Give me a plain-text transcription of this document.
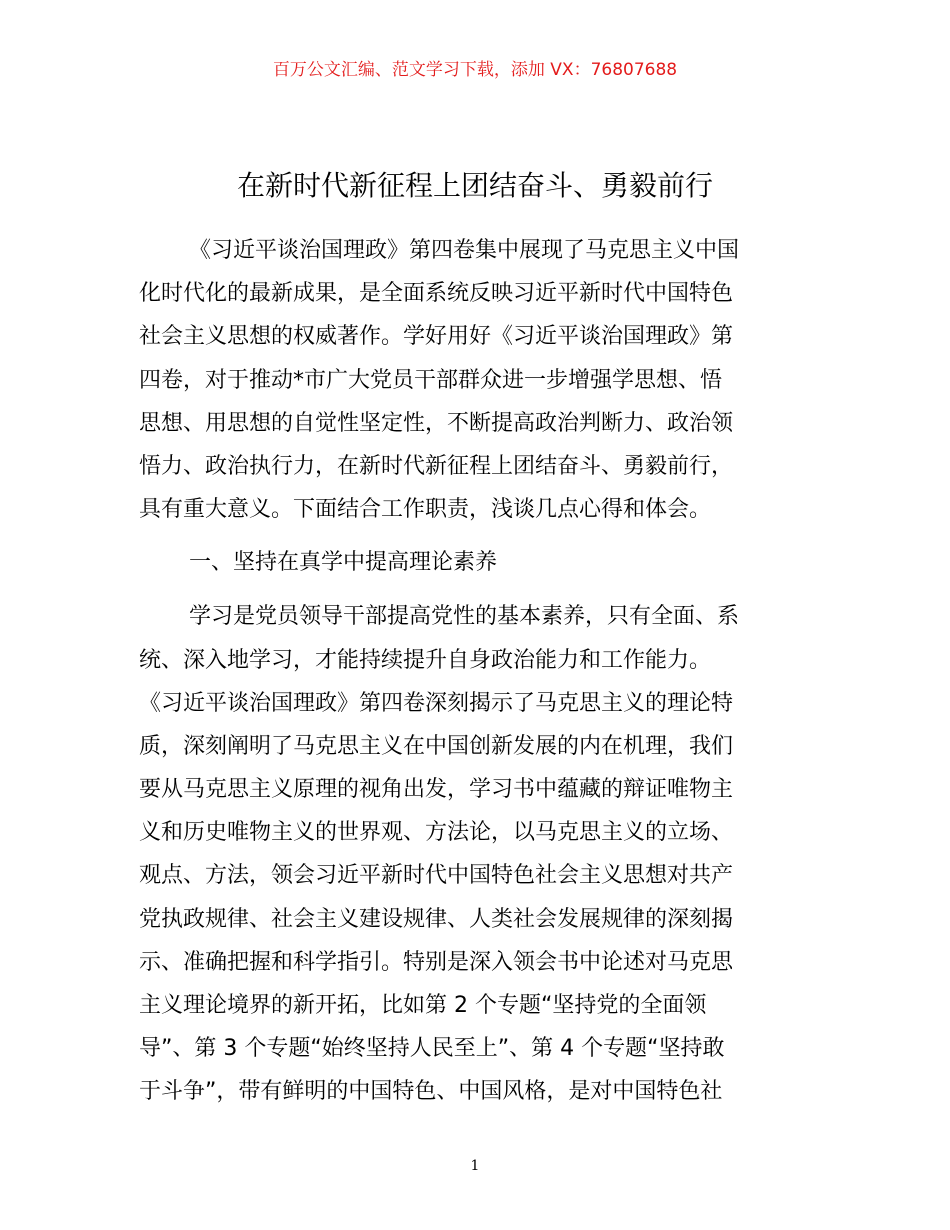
百万公文汇编、范文学习下载，添加 VX：76807688
在新时代新征程上团结奋斗、勇毅前行
《习近平谈治国理政》第四卷集中展现了马克思主义中国
化时代化的最新成果，是全面系统反映习近平新时代中国特色
社会主义思想的权威著作。学好用好《习近平谈治国理政》第
四卷，对于推动*市广大党员干部群众进一步增强学思想、悟
思想、用思想的自觉性坚定性，不断提高政治判断力、政治领
悟力、政治执行力，在新时代新征程上团结奋斗、勇毅前行，
具有重大意义。下面结合工作职责，浅谈几点心得和体会。
一、坚持在真学中提高理论素养
学习是党员领导干部提高党性的基本素养，只有全面、系
统、深入地学习，才能持续提升自身政治能力和工作能力。
《习近平谈治国理政》第四卷深刻揭示了马克思主义的理论特
质，深刻阐明了马克思主义在中国创新发展的内在机理，我们
要从马克思主义原理的视角出发，学习书中蕴藏的辩证唯物主
义和历史唯物主义的世界观、方法论，以马克思主义的立场、
观点、方法，领会习近平新时代中国特色社会主义思想对共产
党执政规律、社会主义建设规律、人类社会发展规律的深刻揭
示、准确把握和科学指引。特别是深入领会书中论述对马克思
主义理论境界的新开拓，比如第 2 个专题“坚持党的全面领
导”、第 3 个专题“始终坚持人民至上”、第 4 个专题“坚持敢
于斗争”，带有鲜明的中国特色、中国风格，是对中国特色社
1
